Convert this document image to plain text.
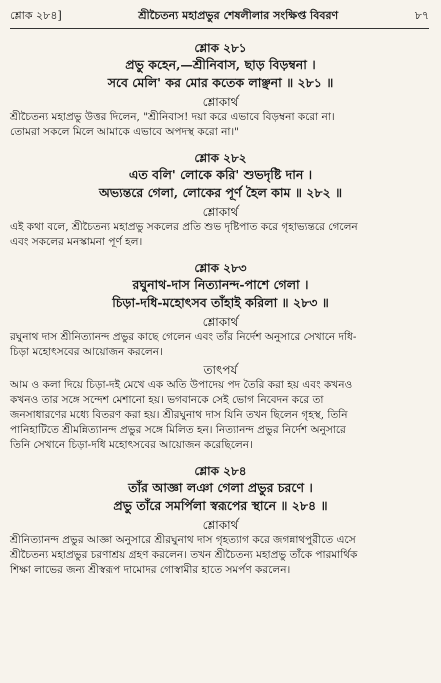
শ্লোক ২৮৪]	শ্রীচৈতন্য মহাপ্রভুর শেষলীলার সংক্ষিপ্ত বিবরণ	৮৭

শ্লোক ২৮১

প্রভু কহেন,—শ্রীনিবাস, ছাড় বিড়ম্বনা ।

সবে মেলি' কর মোর কতেক লাঞ্ছনা ॥ ২৮১ ॥

শ্লোকার্থ

শ্রীচৈতন্য মহাপ্রভু উত্তর দিলেন, "শ্রীনিবাস! দয়া করে এভাবে বিড়ম্বনা করো না।

তোমরা সকলে মিলে আমাকে এভাবে অপদস্থ করো না।"

শ্লোক ২৮২

এত বলি' লোকে করি' শুভদৃষ্টি দান ।

অভ্যন্তরে গেলা, লোকের পূর্ণ হৈল কাম ॥ ২৮২ ॥

শ্লোকার্থ

এই কথা বলে, শ্রীচৈতন্য মহাপ্রভু সকলের প্রতি শুভ দৃষ্টিপাত করে গৃহাভ্যন্তরে গেলেন

এবং সকলের মনস্কামনা পূর্ণ হল।

শ্লোক ২৮৩

রঘুনাথ-দাস নিত্যানন্দ-পাশে গেলা ।

চিড়া-দধি-মহোৎসব তাঁহাই করিলা ॥ ২৮৩ ॥

শ্লোকার্থ

রঘুনাথ দাস শ্রীনিত্যানন্দ প্রভুর কাছে গেলেন এবং তাঁর নির্দেশ অনুসারে সেখানে দধি-

চিড়া মহোৎসবের আয়োজন করলেন।

তাৎপর্য

আম ও কলা দিয়ে চিড়া-দই মেখে এক অতি উপাদেয় পদ তৈরি করা হয় এবং কখনও

কখনও তার সঙ্গে সন্দেশ মেশানো হয়। ভগবানকে সেই ভোগ নিবেদন করে তা

জনসাধারণের মধ্যে বিতরণ করা হয়। শ্রীরঘুনাথ দাস যিনি তখন ছিলেন গৃহস্থ, তিনি

পানিহাটিতে শ্রীমন্নিত্যানন্দ প্রভুর সঙ্গে মিলিত হন। নিত্যানন্দ প্রভুর নির্দেশ অনুসারে

তিনি সেখানে চিড়া-দধি মহোৎসবের আয়োজন করেছিলেন।

শ্লোক ২৮৪

তাঁর আজ্ঞা লঞা গেলা প্রভুর চরণে ।

প্রভু তাঁরে সমর্পিলা স্বরূপের স্থানে ॥ ২৮৪ ॥

শ্লোকার্থ

শ্রীনিত্যানন্দ প্রভুর আজ্ঞা অনুসারে শ্রীরঘুনাথ দাস গৃহত্যাগ করে জগন্নাথপুরীতে এসে

শ্রীচৈতন্য মহাপ্রভুর চরণাশ্রয় গ্রহণ করলেন। তখন শ্রীচৈতন্য মহাপ্রভু তাঁকে পারমার্থিক

শিক্ষা লাভের জন্য শ্রীস্বরূপ দামোদর গোস্বামীর হাতে সমর্পণ করলেন।
